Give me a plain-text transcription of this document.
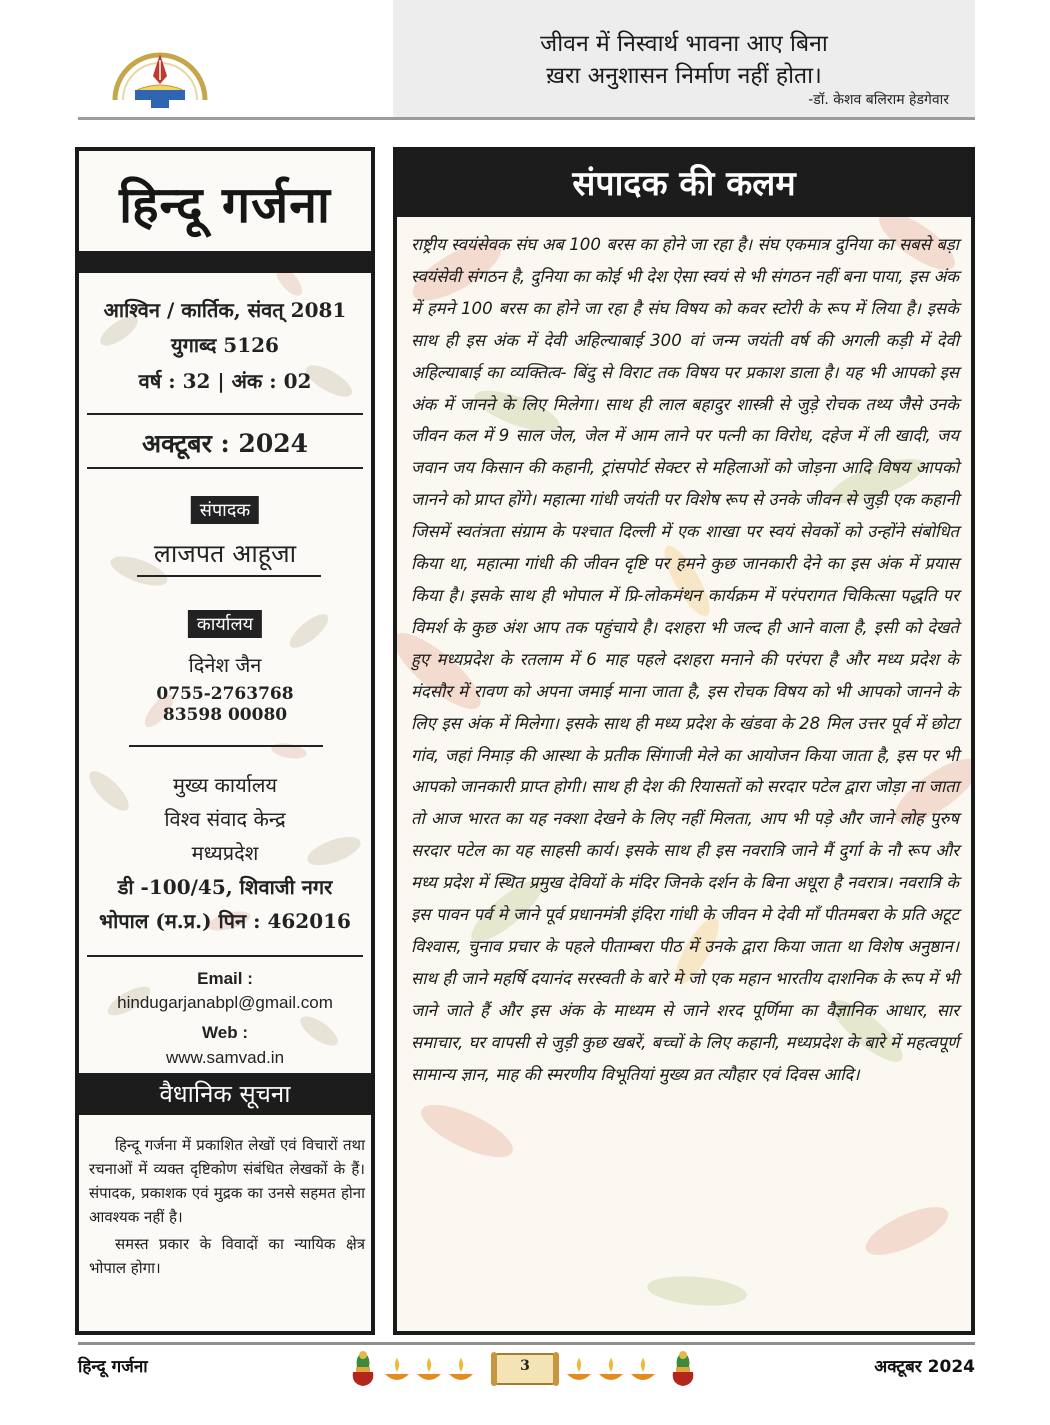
जीवन में निस्वार्थ भावना आए बिना
ख़रा अनुशासन निर्माण नहीं होता।
-डॉ. केशव बलिराम हेडगेवार
हिन्दू गर्जना
आश्विन / कार्तिक, संवत् 2081
युगाब्द 5126
वर्ष : 32 | अंक : 02
अक्टूबर : 2024
संपादक
लाजपत आहूजा
कार्यालय
दिनेश जैन
0755-2763768
83598 00080
मुख्य कार्यालय
विश्व संवाद केन्द्र
मध्यप्रदेश
डी -100/45, शिवाजी नगर
भोपाल (म.प्र.) पिन : 462016
Email :
hindugarjanabpl@gmail.com
Web :
www.samvad.in
वैधानिक सूचना

हिन्दू गर्जना में प्रकाशित लेखों एवं विचारों तथा रचनाओं में व्यक्त दृष्टिकोण संबंधित लेखकों के हैं। संपादक, प्रकाशक एवं मुद्रक का उनसे सहमत होना आवश्यक नहीं है।

समस्त प्रकार के विवादों का न्यायिक क्षेत्र भोपाल होगा।

संपादक की कलम
राष्ट्रीय स्वयंसेवक संघ अब 100 बरस का होने जा रहा है। संघ एकमात्र दुनिया का सबसे बड़ा स्वयंसेवी संगठन है, दुनिया का कोई भी देश ऐसा स्वयं से भी संगठन नहीं बना पाया, इस अंक में हमने 100 बरस का होने जा रहा है संघ विषय को कवर स्टोरी के रूप में लिया है। इसके साथ ही इस अंक में देवी अहिल्याबाई 300 वां जन्म जयंती वर्ष की अगली कड़ी में देवी अहिल्याबाई का व्यक्तित्व- बिंदु से विराट तक विषय पर प्रकाश डाला है। यह भी आपको इस अंक में जानने के लिए मिलेगा। साथ ही लाल बहादुर शास्त्री से जुड़े रोचक तथ्य जैसे उनके जीवन कल में 9 साल जेल, जेल में आम लाने पर पत्नी का विरोध, दहेज में ली खादी, जय जवान जय किसान की कहानी, ट्रांसपोर्ट सेक्टर से महिलाओं को जोड़ना आदि विषय आपको जानने को प्राप्त होंगे। महात्मा गांधी जयंती पर विशेष रूप से उनके जीवन से जुड़ी एक कहानी जिसमें स्वतंत्रता संग्राम के पश्चात दिल्ली में एक शाखा पर स्वयं सेवकों को उन्होंने संबोधित किया था, महात्मा गांधी की जीवन दृष्टि पर हमने कुछ जानकारी देने का इस अंक में प्रयास किया है। इसके साथ ही भोपाल में प्रि-लोकमंथन कार्यक्रम में परंपरागत चिकित्सा पद्धति पर विमर्श के कुछ अंश आप तक पहुंचाये है। दशहरा भी जल्द ही आने वाला है, इसी को देखते हुए मध्यप्रदेश के रतलाम में 6 माह पहले दशहरा मनाने की परंपरा है और मध्य प्रदेश के मंदसौर में रावण को अपना जमाई माना जाता है, इस रोचक विषय को भी आपको जानने के लिए इस अंक में मिलेगा। इसके साथ ही मध्य प्रदेश के खंडवा के 28 मिल उत्तर पूर्व में छोटा गांव, जहां निमाड़ की आस्था के प्रतीक सिंगाजी मेले का आयोजन किया जाता है, इस पर भी आपको जानकारी प्राप्त होगी। साथ ही देश की रियासतों को सरदार पटेल द्वारा जोड़ा ना जाता तो आज भारत का यह नक्शा देखने के लिए नहीं मिलता, आप भी पड़े और जाने लोह पुरुष सरदार पटेल का यह साहसी कार्य। इसके साथ ही इस नवरात्रि जाने मैं दुर्गा के नौ रूप और मध्य प्रदेश में स्थित प्रमुख देवियों के मंदिर जिनके दर्शन के बिना अधूरा है नवरात्र। नवरात्रि के इस पावन पर्व मे जाने पूर्व प्रधानमंत्री इंदिरा गांधी के जीवन मे देवी माँ पीतमबरा के प्रति अटूट विश्वास, चुनाव प्रचार के पहले पीताम्बरा पीठ में उनके द्वारा किया जाता था विशेष अनुष्ठान। साथ ही जाने महर्षि दयानंद सरस्वती के बारे मे जो एक महान भारतीय दाशनिक के रूप में भी जाने जाते हैं और इस अंक के माध्यम से जाने शरद पूर्णिमा का वैज्ञानिक आधार, सार समाचार, घर वापसी से जुड़ी कुछ खबरें, बच्चों के लिए कहानी, मध्यप्रदेश के बारे में महत्वपूर्ण सामान्य ज्ञान, माह की स्मरणीय विभूतियां मुख्य व्रत त्यौहार एवं दिवस आदि।
हिन्दू गर्जना	अक्टूबर 2024
3
